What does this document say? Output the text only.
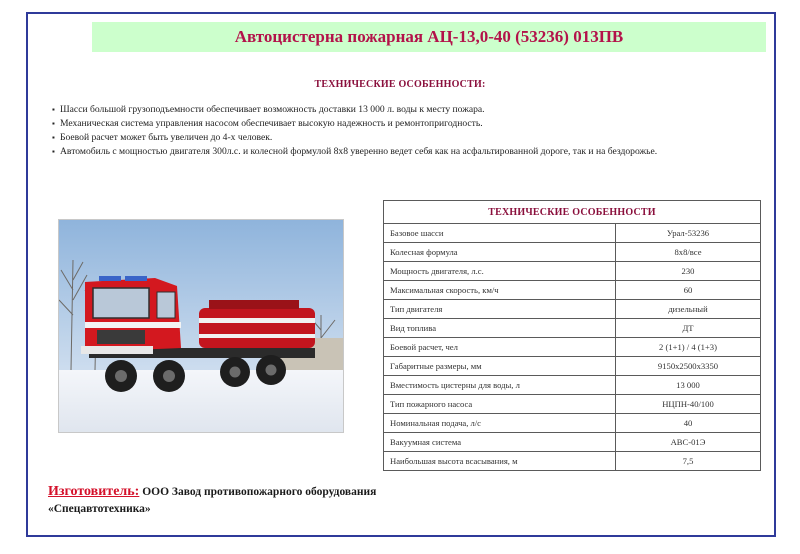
Автоцистерна пожарная АЦ-13,0-40 (53236) 013ПВ
ТЕХНИЧЕСКИЕ ОСОБЕННОСТИ:
▪ Шасси большой грузоподъемности обеспечивает возможность доставки 13 000 л. воды к месту пожара.
▪ Механическая система управления насосом обеспечивает высокую надежность и ремонтопригодность.
▪ Боевой расчет может быть увеличен до 4-х человек.
▪ Автомобиль с мощностью двигателя 300л.с. и колесной формулой 8х8 уверенно ведет себя как на асфальтированной дороге, так и на бездорожье.
ТЕХНИЧЕСКИЕ ОСОБЕННОСТИ	
Базовое шасси	Урал-53236
Колесная формула	8х8/все
Мощность двигателя, л.с.	230
Максимальная скорость, км/ч	60
Тип двигателя	дизельный
Вид топлива	ДТ
Боевой расчет, чел	2 (1+1) / 4 (1+3)
Габаритные размеры, мм	9150х2500х3350
Вместимость цистерны для воды, л	13 000
Тип пожарного насоса	НЦПН-40/100
Номинальная подача, л/с	40
Вакуумная система	АВС-01Э
Наибольшая высота всасывания, м	7,5
Изготовитель: ООО Завод противопожарного оборудования «Спецавтотехника»
